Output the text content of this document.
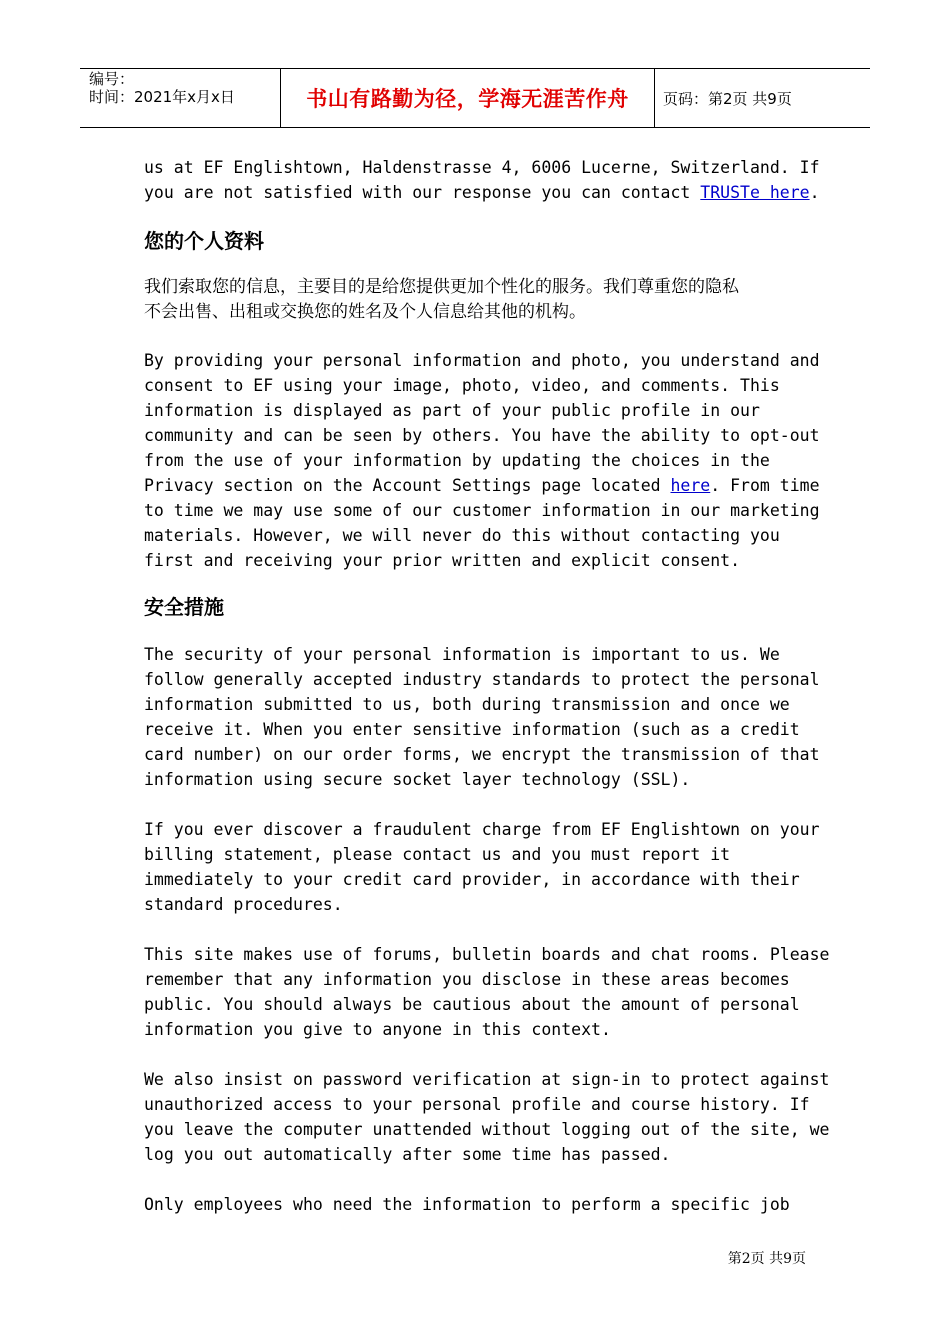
编号：
时间：2021年x月x日	书山有路勤为径，学海无涯苦作舟 页码：第2页 共9页

us at EF Englishtown, Haldenstrasse 4, 6006 Lucerne, Switzerland. If
you are not satisfied with our response you can contact TRUSTe here.

您的个人资料

我们索取您的信息，主要目的是给您提供更加个性化的服务。我们尊重您的隐私

不会出售、出租或交换您的姓名及个人信息给其他的机构。

By providing your personal information and photo, you understand and
consent to EF using your image, photo, video, and comments. This
information is displayed as part of your public profile in our
community and can be seen by others. You have the ability to opt-out
from the use of your information by updating the choices in the
Privacy section on the Account Settings page located here. From time
to time we may use some of our customer information in our marketing
materials. However, we will never do this without contacting you
first and receiving your prior written and explicit consent.

安全措施

The security of your personal information is important to us. We
follow generally accepted industry standards to protect the personal
information submitted to us, both during transmission and once we
receive it. When you enter sensitive information (such as a credit
card number) on our order forms, we encrypt the transmission of that
information using secure socket layer technology (SSL).

If you ever discover a fraudulent charge from EF Englishtown on your
billing statement, please contact us and you must report it
immediately to your credit card provider, in accordance with their
standard procedures.

This site makes use of forums, bulletin boards and chat rooms. Please
remember that any information you disclose in these areas becomes
public. You should always be cautious about the amount of personal
information you give to anyone in this context.

We also insist on password verification at sign-in to protect against
unauthorized access to your personal profile and course history. If
you leave the computer unattended without logging out of the site, we
log you out automatically after some time has passed.

Only employees who need the information to perform a specific job

第2页 共9页
